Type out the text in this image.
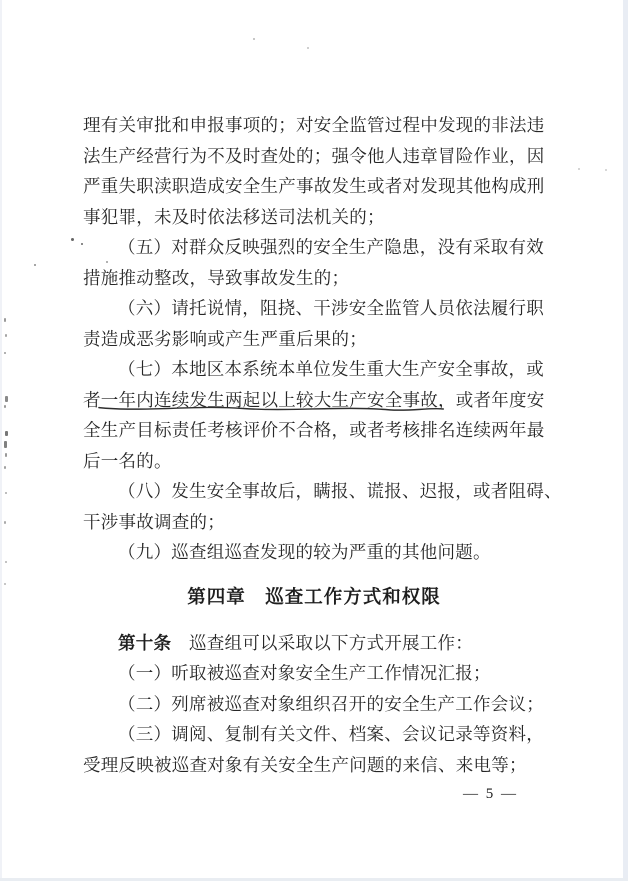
理有关审批和申报事项的；对安全监管过程中发现的非法违
法生产经营行为不及时查处的；强令他人违章冒险作业，因
严重失职渎职造成安全生产事故发生或者对发现其他构成刑
事犯罪，未及时依法移送司法机关的；
（五）对群众反映强烈的安全生产隐患，没有采取有效
措施推动整改，导致事故发生的；
（六）请托说情，阻挠、干涉安全监管人员依法履行职
责造成恶劣影响或产生严重后果的；
（七）本地区本系统本单位发生重大生产安全事故，或
者一年内连续发生两起以上较大生产安全事故
，或者年度安
全生产目标责任考核评价不合格，或者考核排名连续两年最
后一名的。
（八）发生安全事故后，瞒报、谎报、迟报，或者阻碍、
干涉事故调查的；
（九）巡查组巡查发现的较为严重的其他问题。
第四章　巡查工作方式和权限
第十条　巡查组可以采取以下方式开展工作：
（一）听取被巡查对象安全生产工作情况汇报；
（二）列席被巡查对象组织召开的安全生产工作会议；
（三）调阅、复制有关文件、档案、会议记录等资料，
受理反映被巡查对象有关安全生产问题的来信、来电等；
— 5 —
